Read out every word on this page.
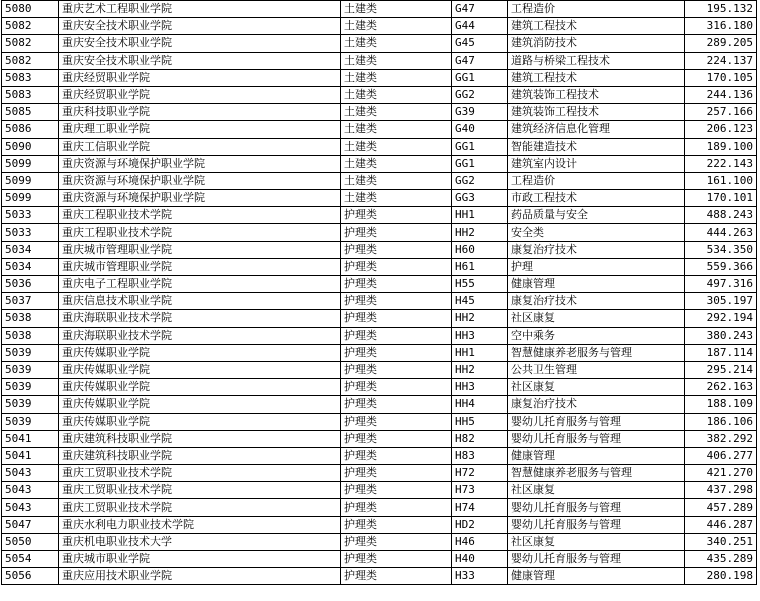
5080	重庆艺术工程职业学院	土建类	G47	工程造价	195.132
5082	重庆安全技术职业学院	土建类	G44	建筑工程技术	316.180
5082	重庆安全技术职业学院	土建类	G45	建筑消防技术	289.205
5082	重庆安全技术职业学院	土建类	G47	道路与桥梁工程技术	224.137
5083	重庆经贸职业学院	土建类	GG1	建筑工程技术	170.105
5083	重庆经贸职业学院	土建类	GG2	建筑装饰工程技术	244.136
5085	重庆科技职业学院	土建类	G39	建筑装饰工程技术	257.166
5086	重庆理工职业学院	土建类	G40	建筑经济信息化管理	206.123
5090	重庆工信职业学院	土建类	GG1	智能建造技术	189.100
5099	重庆资源与环境保护职业学院	土建类	GG1	建筑室内设计	222.143
5099	重庆资源与环境保护职业学院	土建类	GG2	工程造价	161.100
5099	重庆资源与环境保护职业学院	土建类	GG3	市政工程技术	170.101
5033	重庆工程职业技术学院	护理类	HH1	药品质量与安全	488.243
5033	重庆工程职业技术学院	护理类	HH2	安全类	444.263
5034	重庆城市管理职业学院	护理类	H60	康复治疗技术	534.350
5034	重庆城市管理职业学院	护理类	H61	护理	559.366
5036	重庆电子工程职业学院	护理类	H55	健康管理	497.316
5037	重庆信息技术职业学院	护理类	H45	康复治疗技术	305.197
5038	重庆海联职业技术学院	护理类	HH2	社区康复	292.194
5038	重庆海联职业技术学院	护理类	HH3	空中乘务	380.243
5039	重庆传媒职业学院	护理类	HH1	智慧健康养老服务与管理	187.114
5039	重庆传媒职业学院	护理类	HH2	公共卫生管理	295.214
5039	重庆传媒职业学院	护理类	HH3	社区康复	262.163
5039	重庆传媒职业学院	护理类	HH4	康复治疗技术	188.109
5039	重庆传媒职业学院	护理类	HH5	婴幼儿托育服务与管理	186.106
5041	重庆建筑科技职业学院	护理类	H82	婴幼儿托育服务与管理	382.292
5041	重庆建筑科技职业学院	护理类	H83	健康管理	406.277
5043	重庆工贸职业技术学院	护理类	H72	智慧健康养老服务与管理	421.270
5043	重庆工贸职业技术学院	护理类	H73	社区康复	437.298
5043	重庆工贸职业技术学院	护理类	H74	婴幼儿托育服务与管理	457.289
5047	重庆水利电力职业技术学院	护理类	HD2	婴幼儿托育服务与管理	446.287
5050	重庆机电职业技术大学	护理类	H46	社区康复	340.251
5054	重庆城市职业学院	护理类	H40	婴幼儿托育服务与管理	435.289
5056	重庆应用技术职业学院	护理类	H33	健康管理	280.198
